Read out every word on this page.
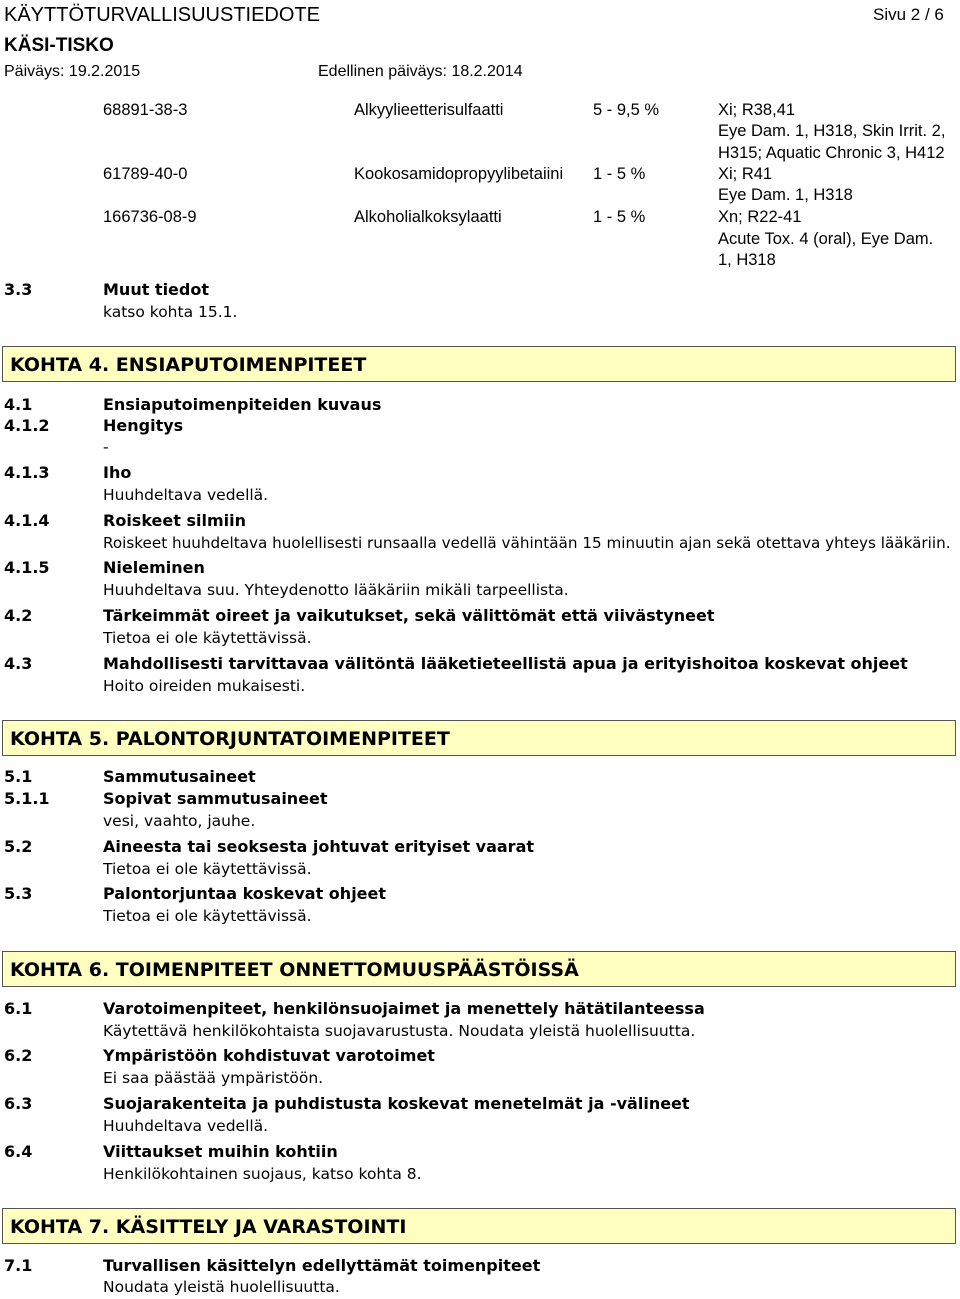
KÄYTTÖTURVALLISUUSTIEDOTE	Sivu 2 / 6
KÄSI-TISKO
Päiväys: 19.2.2015	Edellinen päiväys: 18.2.2014
68891-38-3	Alkyylieetterisulfaatti	5 - 9,5 %	Xi; R38,41
Eye Dam. 1, H318, Skin Irrit. 2,
H315; Aquatic Chronic 3, H412
61789-40-0	Kookosamidopropyylibetaiini 1 - 5 %	Xi; R41
Eye Dam. 1, H318
166736-08-9	Alkoholialkoksylaatti	1 - 5 %	Xn; R22-41
Acute Tox. 4 (oral), Eye Dam.
1, H318
3.3	Muut tiedot
katso kohta 15.1.
KOHTA 4. ENSIAPUTOIMENPITEET
4.1	Ensiaputoimenpiteiden kuvaus
4.1.2	Hengitys
-
4.1.3	Iho
Huuhdeltava vedellä.
4.1.4	Roiskeet silmiin
Roiskeet huuhdeltava huolellisesti runsaalla vedellä vähintään 15 minuutin ajan sekä otettava yhteys lääkäriin.
4.1.5	Nieleminen
Huuhdeltava suu. Yhteydenotto lääkäriin mikäli tarpeellista.
4.2	Tärkeimmät oireet ja vaikutukset, sekä välittömät että viivästyneet
Tietoa ei ole käytettävissä.
4.3	Mahdollisesti tarvittavaa välitöntä lääketieteellistä apua ja erityishoitoa koskevat ohjeet
Hoito oireiden mukaisesti.
KOHTA 5. PALONTORJUNTATOIMENPITEET
5.1	Sammutusaineet
5.1.1	Sopivat sammutusaineet
vesi, vaahto, jauhe.
5.2	Aineesta tai seoksesta johtuvat erityiset vaarat
Tietoa ei ole käytettävissä.
5.3	Palontorjuntaa koskevat ohjeet
Tietoa ei ole käytettävissä.
KOHTA 6. TOIMENPITEET ONNETTOMUUSPÄÄSTÖISSÄ
6.1	Varotoimenpiteet, henkilönsuojaimet ja menettely hätätilanteessa
Käytettävä henkilökohtaista suojavarustusta. Noudata yleistä huolellisuutta.
6.2	Ympäristöön kohdistuvat varotoimet
Ei saa päästää ympäristöön.
6.3	Suojarakenteita ja puhdistusta koskevat menetelmät ja -välineet
Huuhdeltava vedellä.
6.4	Viittaukset muihin kohtiin
Henkilökohtainen suojaus, katso kohta 8.
KOHTA 7. KÄSITTELY JA VARASTOINTI
7.1	Turvallisen käsittelyn edellyttämät toimenpiteet
Noudata yleistä huolellisuutta.
